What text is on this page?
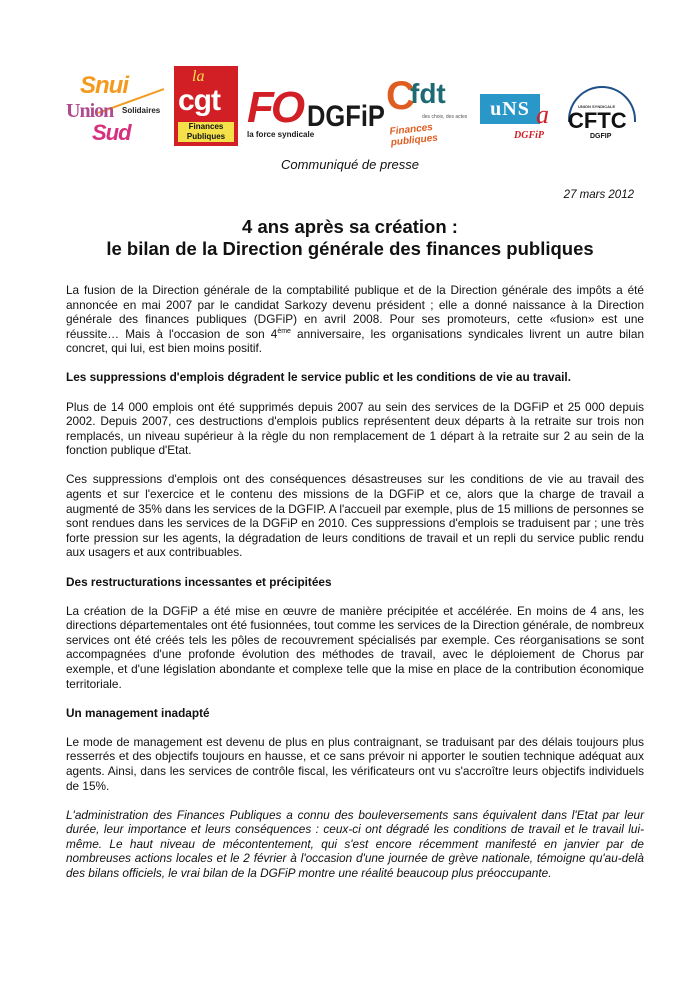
Snui
Union Solidaires
Sud
la
cgt
Finances
Publiques
FO DGFiP
la force syndicale
C
fdt
des choix, des actes
Finances publiques
uNS a
DGFiP
UNION SYNDICALE
CFTC
DGFIP
Communiqué de presse
27 mars 2012
4 ans après sa création :
le bilan de la Direction générale des finances publiques

La fusion de la Direction générale de la comptabilité publique et de la Direction générale des impôts a été annoncée en mai 2007 par le candidat Sarkozy devenu président ; elle a donné naissance à la Direction générale des finances publiques (DGFiP) en avril 2008. Pour ses promoteurs, cette «fusion» est une réussite… Mais à l'occasion de son 4ème anniversaire, les organisations syndicales livrent un autre bilan concret, qui lui, est bien moins positif.

Les suppressions d'emplois dégradent le service public et les conditions de vie au travail.

Plus de 14 000 emplois ont été supprimés depuis 2007 au sein des services de la DGFiP et 25 000 depuis 2002. Depuis 2007, ces destructions d'emplois publics représentent deux départs à la retraite sur trois non remplacés, un niveau supérieur à la règle du non remplacement de 1 départ à la retraite sur 2 au sein de la fonction publique d'Etat.

Ces suppressions d'emplois ont des conséquences désastreuses sur les conditions de vie au travail des agents et sur l'exercice et le contenu des missions de la DGFiP et ce, alors que la charge de travail a augmenté de 35% dans les services de la DGFIP. A l'accueil par exemple, plus de 15 millions de personnes se sont rendues dans les services de la DGFiP en 2010. Ces suppressions d'emplois se traduisent par ; une très forte pression sur les agents, la dégradation de leurs conditions de travail et un repli du service public rendu aux usagers et aux contribuables.

Des restructurations incessantes et précipitées

La création de la DGFiP a été mise en œuvre de manière précipitée et accélérée. En moins de 4 ans, les directions départementales ont été fusionnées, tout comme les services de la Direction générale, de nombreux services ont été créés tels les pôles de recouvrement spécialisés par exemple. Ces réorganisations se sont accompagnées d'une profonde évolution des méthodes de travail, avec le déploiement de Chorus par exemple, et d'une législation abondante et complexe telle que la mise en place de la contribution économique territoriale.

Un management inadapté

Le mode de management est devenu de plus en plus contraignant, se traduisant par des délais toujours plus resserrés et des objectifs toujours en hausse, et ce sans prévoir ni apporter le soutien technique adéquat aux agents. Ainsi, dans les services de contrôle fiscal, les vérificateurs ont vu s'accroître leurs objectifs individuels de 15%.

L'administration des Finances Publiques a connu des bouleversements sans équivalent dans l'Etat par leur durée, leur importance et leurs conséquences : ceux-ci ont dégradé les conditions de travail et le travail lui-même. Le haut niveau de mécontentement, qui s'est encore récemment manifesté en janvier par de nombreuses actions locales et le 2 février à l'occasion d'une journée de grève nationale, témoigne qu'au-delà des bilans officiels, le vrai bilan de la DGFiP montre une réalité beaucoup plus préoccupante.
